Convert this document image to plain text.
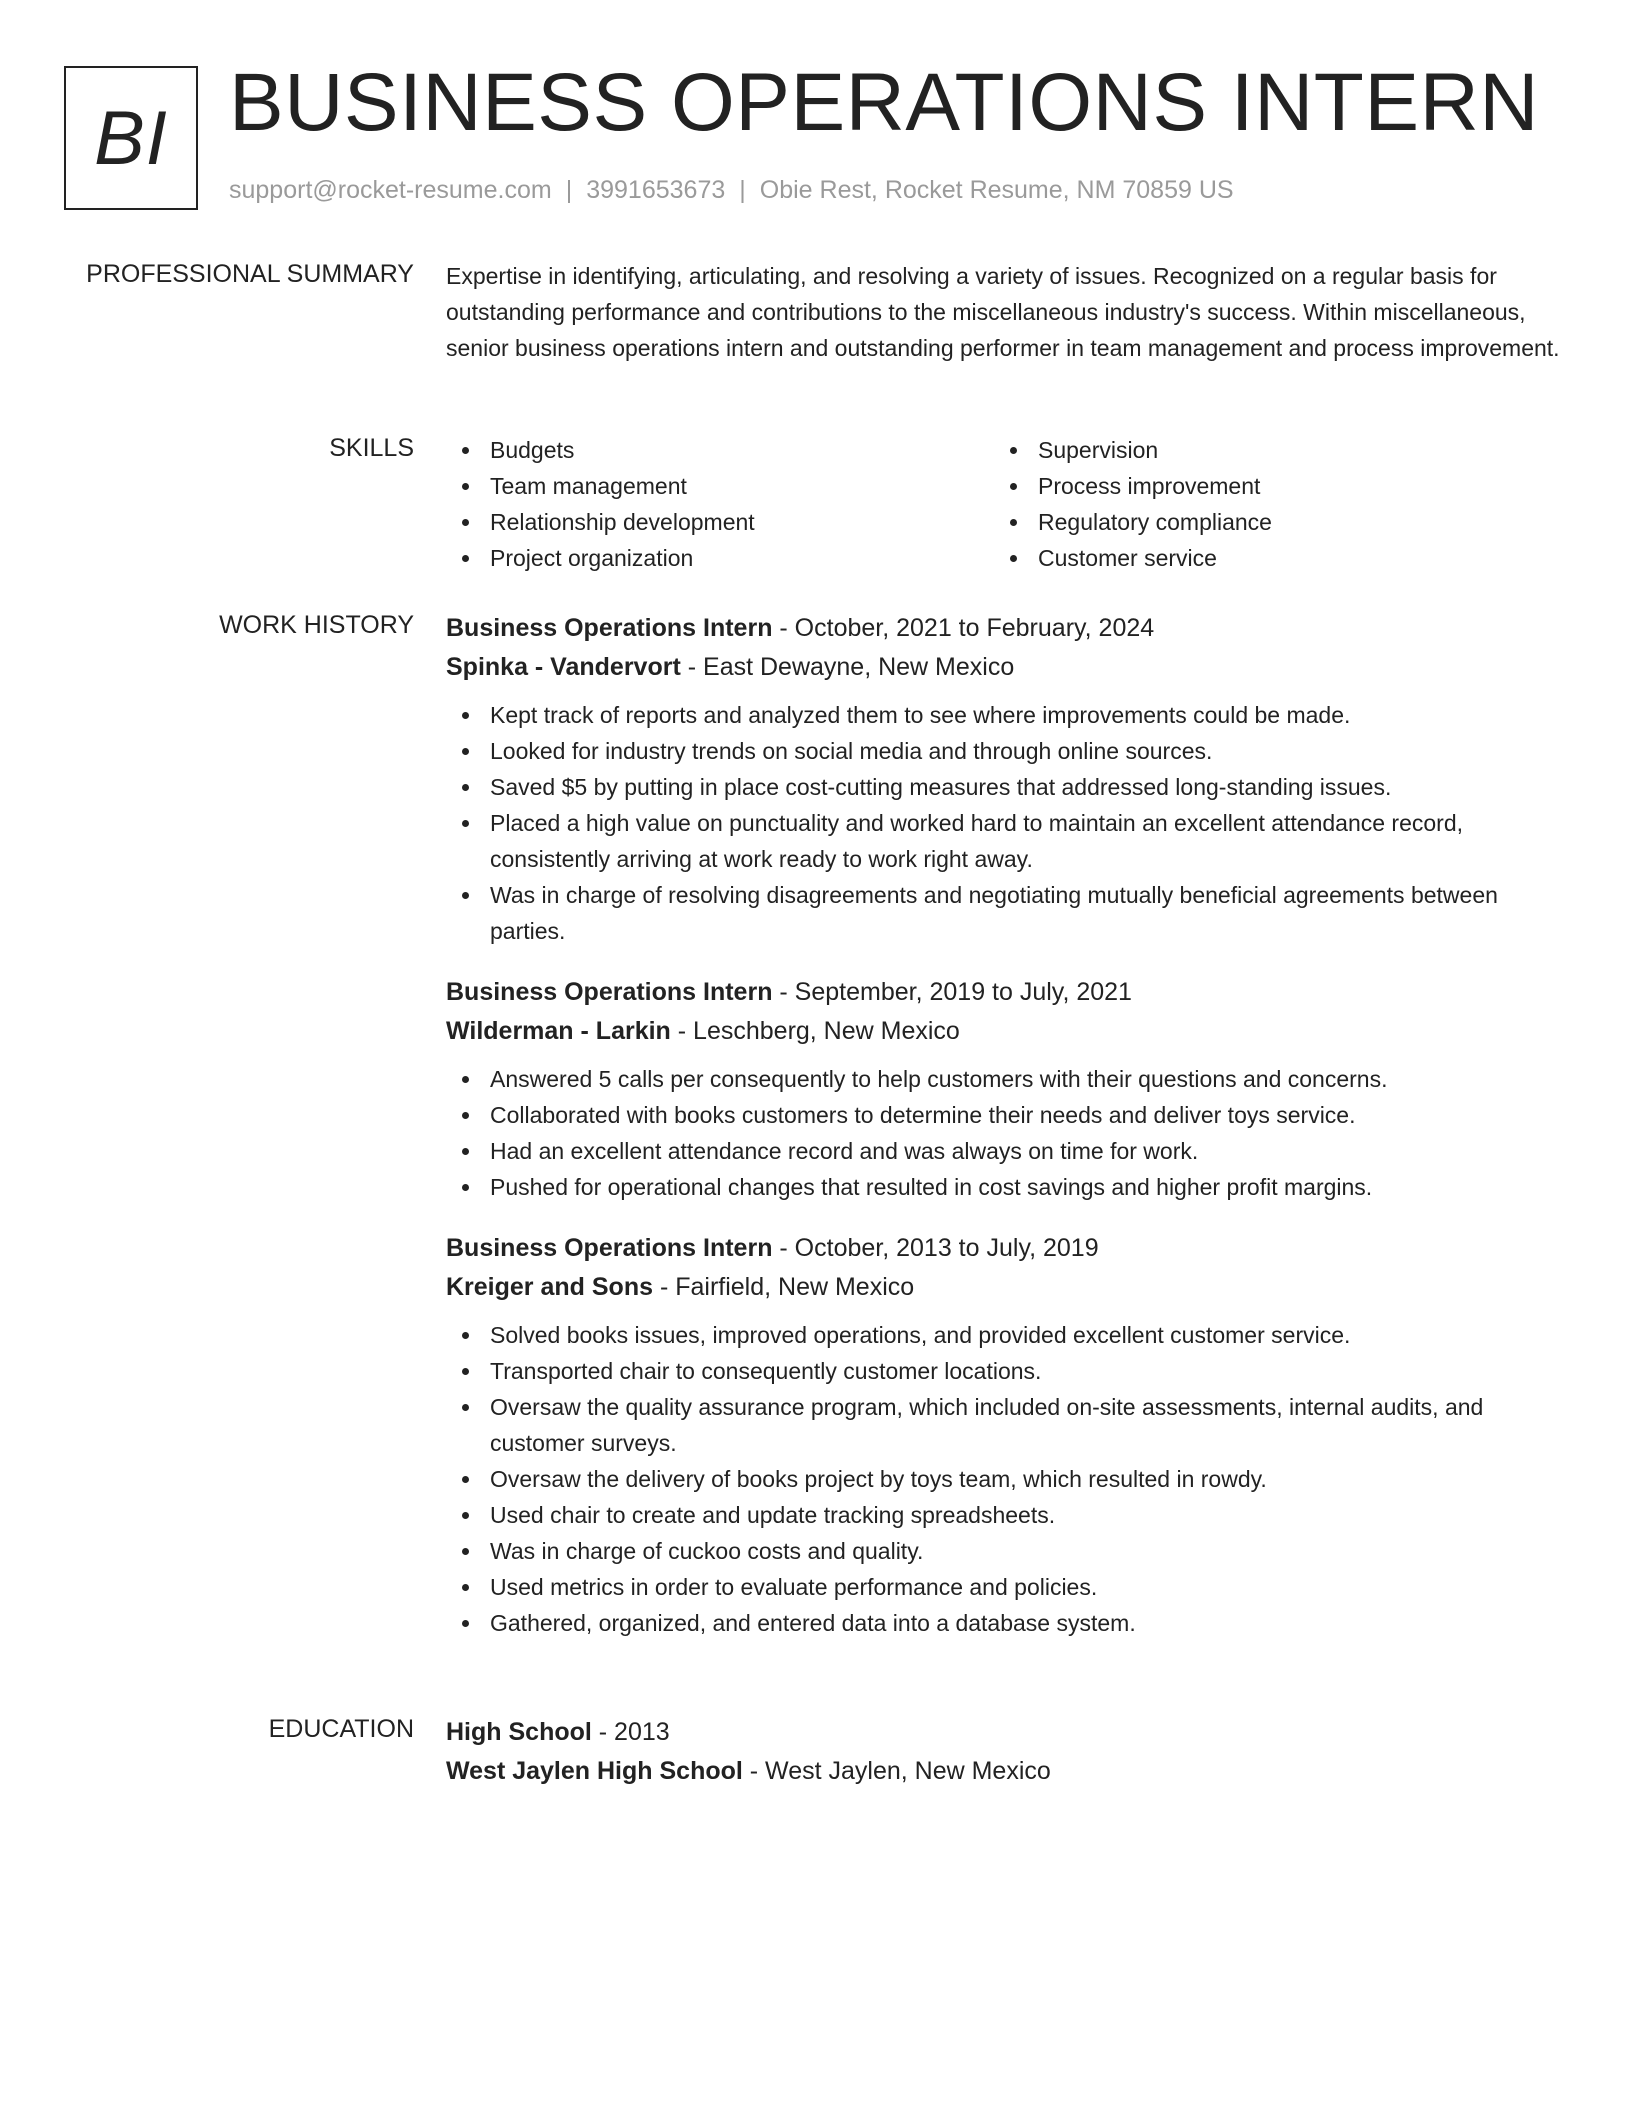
BI BUSINESS OPERATIONS INTERN
support@rocket-resume.com | 3991653673 | Obie Rest, Rocket Resume, NM 70859 US
PROFESSIONAL SUMMARY Expertise in identifying, articulating, and resolving a variety of issues. Recognized on a regular basis for outstanding performance and contributions to the miscellaneous industry's success. Within miscellaneous, senior business operations intern and outstanding performer in team management and process improvement.
SKILLS	Budgets
Team management
Relationship development
Project organization
Supervision
Process improvement
Regulatory compliance
Customer service
WORK HISTORY Business Operations Intern - October, 2021 to February, 2024
Spinka - Vandervort - East Dewayne, New Mexico
Kept track of reports and analyzed them to see where improvements could be made.
Looked for industry trends on social media and through online sources.
Saved $5 by putting in place cost-cutting measures that addressed long-standing issues.
Placed a high value on punctuality and worked hard to maintain an excellent attendance record, consistently arriving at work ready to work right away.
Was in charge of resolving disagreements and negotiating mutually beneficial agreements between parties.
Business Operations Intern - September, 2019 to July, 2021
Wilderman - Larkin - Leschberg, New Mexico
Answered 5 calls per consequently to help customers with their questions and concerns.
Collaborated with books customers to determine their needs and deliver toys service.
Had an excellent attendance record and was always on time for work.
Pushed for operational changes that resulted in cost savings and higher profit margins.
Business Operations Intern - October, 2013 to July, 2019
Kreiger and Sons - Fairfield, New Mexico
Solved books issues, improved operations, and provided excellent customer service.
Transported chair to consequently customer locations.
Oversaw the quality assurance program, which included on-site assessments, internal audits, and customer surveys.
Oversaw the delivery of books project by toys team, which resulted in rowdy.
Used chair to create and update tracking spreadsheets.
Was in charge of cuckoo costs and quality.
Used metrics in order to evaluate performance and policies.
Gathered, organized, and entered data into a database system.
EDUCATION High School - 2013
West Jaylen High School - West Jaylen, New Mexico
